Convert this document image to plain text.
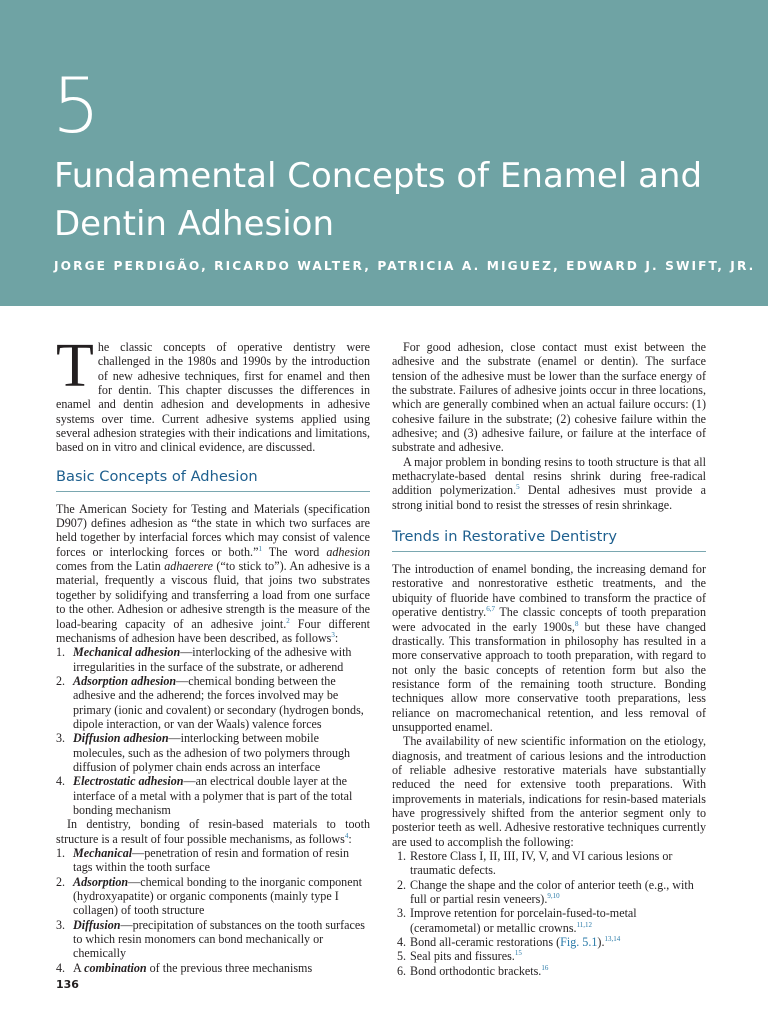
5
Fundamental Concepts of Enamel and Dentin Adhesion
JORGE PERDIGÃO, RICARDO WALTER, PATRICIA A. MIGUEZ, EDWARD J. SWIFT, JR.

The classic concepts of operative dentistry were challenged in the 1980s and 1990s by the introduction of new adhesive techniques, first for enamel and then for dentin. This chapter discusses the differences in enamel and dentin adhesion and developments in adhesive systems over time. Current adhesive systems applied using several adhesion strategies with their indications and limitations, based on in vitro and clinical evidence, are discussed.

Basic Concepts of Adhesion

The American Society for Testing and Materials (specification D907) defines adhesion as “the state in which two surfaces are held together by interfacial forces which may consist of valence forces or interlocking forces or both.”$^1$ The word adhesion comes from the Latin adhaerere (“to stick to”). An adhesive is a material, frequently a viscous fluid, that joins two substrates together by solidifying and transferring a load from one surface to the other. Adhesion or adhesive strength is the measure of the load-bearing capacity of an adhesive joint.$^2$ Four different mechanisms of adhesion have been described, as follows$^3$:

1. Mechanical adhesion—interlocking of the adhesive with irregularities in the surface of the substrate, or adherend
2. Adsorption adhesion—chemical bonding between the adhesive and the adherend; the forces involved may be primary (ionic and covalent) or secondary (hydrogen bonds, dipole interaction, or van der Waals) valence forces
3. Diffusion adhesion—interlocking between mobile molecules, such as the adhesion of two polymers through diffusion of polymer chain ends across an interface
4. Electrostatic adhesion—an electrical double layer at the interface of a metal with a polymer that is part of the total bonding mechanism

In dentistry, bonding of resin-based materials to tooth structure is a result of four possible mechanisms, as follows$^4$:

1. Mechanical—penetration of resin and formation of resin tags within the tooth surface
2. Adsorption—chemical bonding to the inorganic component (hydroxyapatite) or organic components (mainly type I collagen) of tooth structure
3. Diffusion—precipitation of substances on the tooth surfaces to which resin monomers can bond mechanically or chemically
4. A combination of the previous three mechanisms

For good adhesion, close contact must exist between the adhesive and the substrate (enamel or dentin). The surface tension of the adhesive must be lower than the surface energy of the substrate. Failures of adhesive joints occur in three locations, which are generally combined when an actual failure occurs: (1) cohesive failure in the substrate; (2) cohesive failure within the adhesive; and (3) adhesive failure, or failure at the interface of substrate and adhesive.

A major problem in bonding resins to tooth structure is that all methacrylate-based dental resins shrink during free-radical addition polymerization.$^5$ Dental adhesives must provide a strong initial bond to resist the stresses of resin shrinkage.

Trends in Restorative Dentistry

The introduction of enamel bonding, the increasing demand for restorative and nonrestorative esthetic treatments, and the ubiquity of fluoride have combined to transform the practice of operative dentistry.$^{6,7}$ The classic concepts of tooth preparation were advocated in the early 1900s,$^8$ but these have changed drastically. This transformation in philosophy has resulted in a more conservative approach to tooth preparation, with regard to not only the basic concepts of retention form but also the resistance form of the remaining tooth structure. Bonding techniques allow more conservative tooth preparations, less reliance on macromechanical retention, and less removal of unsupported enamel.

The availability of new scientific information on the etiology, diagnosis, and treatment of carious lesions and the introduction of reliable adhesive restorative materials have substantially reduced the need for extensive tooth preparations. With improvements in materials, indications for resin-based materials have progressively shifted from the anterior segment only to posterior teeth as well. Adhesive restorative techniques currently are used to accomplish the following:

1. Restore Class I, II, III, IV, V, and VI carious lesions or traumatic defects.
2. Change the shape and the color of anterior teeth (e.g., with full or partial resin veneers).$^{9,10}$
3. Improve retention for porcelain-fused-to-metal (ceramometal) or metallic crowns.$^{11,12}$
4. Bond all-ceramic restorations (Fig. 5.1).$^{13,14}$
5. Seal pits and fissures.$^{15}$
6. Bond orthodontic brackets.$^{16}$
136
